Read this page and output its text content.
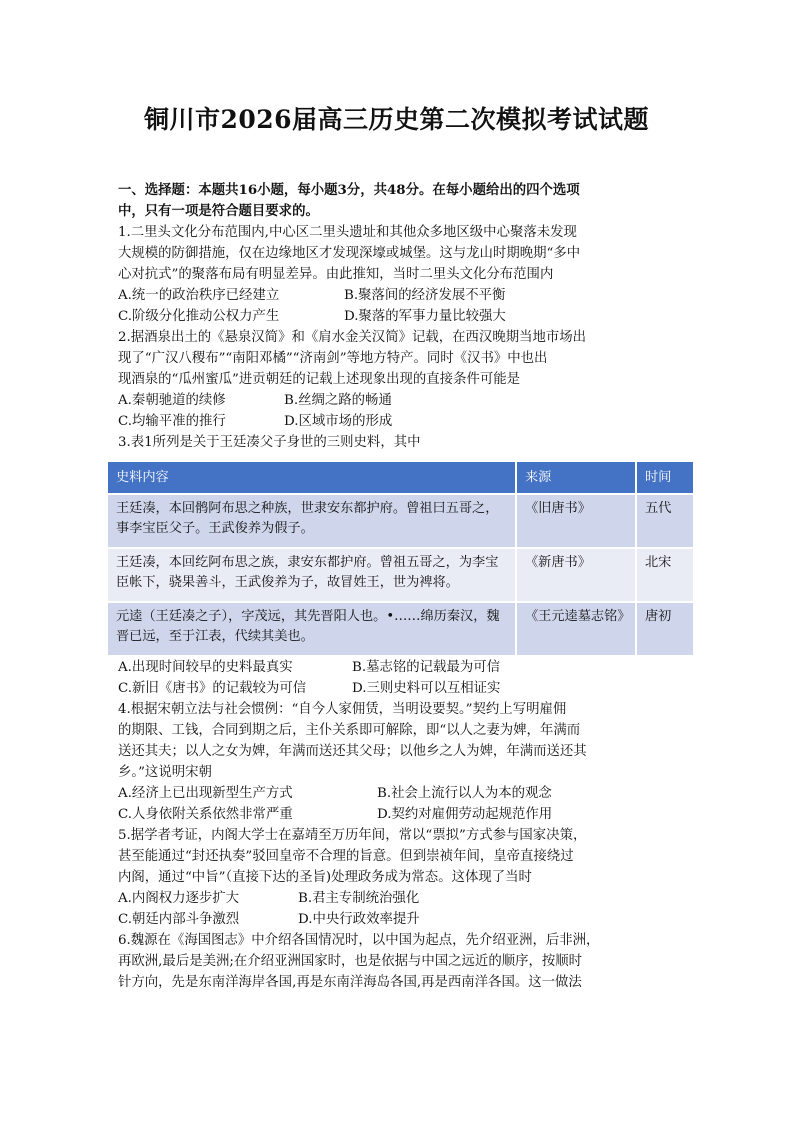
铜川市2026届高三历史第二次模拟考试试题
一、选择题：本题共16小题，每小题3分，共48分。在每小题给出的四个选项
中，只有一项是符合题目要求的。
1.二里头文化分布范围内,中心区二里头遗址和其他众多地区级中心聚落未发现
大规模的防御措施，仅在边缘地区才发现深壕或城堡。这与龙山时期晚期“多中
心对抗式”的聚落布局有明显差异。由此推知，当时二里头文化分布范围内
A.统一的政治秩序已经建立	B.聚落间的经济发展不平衡
C.阶级分化推动公权力产生	D.聚落的军事力量比较强大
2.据酒泉出土的《悬泉汉简》和《肩水金关汉简》记载，在西汉晚期当地市场出
现了“广汉八稷布”“南阳邓橘”“济南剑”等地方特产。同时《汉书》中也出
现酒泉的“瓜州蜜瓜”进贡朝廷的记载上述现象出现的直接条件可能是
A.秦朝驰道的续修	B.丝绸之路的畅通
C.均输平准的推行	D.区域市场的形成
3.表1所列是关于王廷凑父子身世的三则史料，其中
史料内容	来源	时间
王廷凑，本回鹘阿布思之种族，世隶安东都护府。曾祖曰五哥之，事李宝臣父子。王武俊养为假子。	《旧唐书》	五代
王廷凑，本回纥阿布思之族，隶安东都护府。曾祖五哥之，为李宝臣帐下，骁果善斗，王武俊养为子，故冒姓王，世为裨将。	《新唐书》	北宋
元逵（王廷凑之子），字茂远，其先晋阳人也。•……绵历秦汉，魏晋已远，至于江表，代续其美也。	《王元逵墓志铭》	唐初
A.出现时间较早的史料最真实	B.墓志铭的记载最为可信
C.新旧《唐书》的记载较为可信	D.三则史料可以互相证实
4.根据宋朝立法与社会惯例：“自今人家佣赁，当明设要契。”契约上写明雇佣
的期限、工钱，合同到期之后，主仆关系即可解除，即“以人之妻为婢，年满而
送还其夫；以人之女为婢，年满而送还其父母；以他乡之人为婢，年满而送还其
乡。”这说明宋朝
A.经济上已出现新型生产方式	B.社会上流行以人为本的观念
C.人身依附关系依然非常严重	D.契约对雇佣劳动起规范作用
5.据学者考证，内阁大学士在嘉靖至万历年间，常以“票拟”方式参与国家决策，
甚至能通过“封还执奏”驳回皇帝不合理的旨意。但到崇祯年间，皇帝直接绕过
内阁，通过“中旨”（直接下达的圣旨)处理政务成为常态。这体现了当时
A.内阁权力逐步扩大	B.君主专制统治强化
C.朝廷内部斗争激烈	D.中央行政效率提升
6.魏源在《海国图志》中介绍各国情况时，以中国为起点，先介绍亚洲，后非洲，
再欧洲,最后是美洲;在介绍亚洲国家时，也是依据与中国之远近的顺序，按顺时
针方向，先是东南洋海岸各国,再是东南洋海岛各国,再是西南洋各国。这一做法
